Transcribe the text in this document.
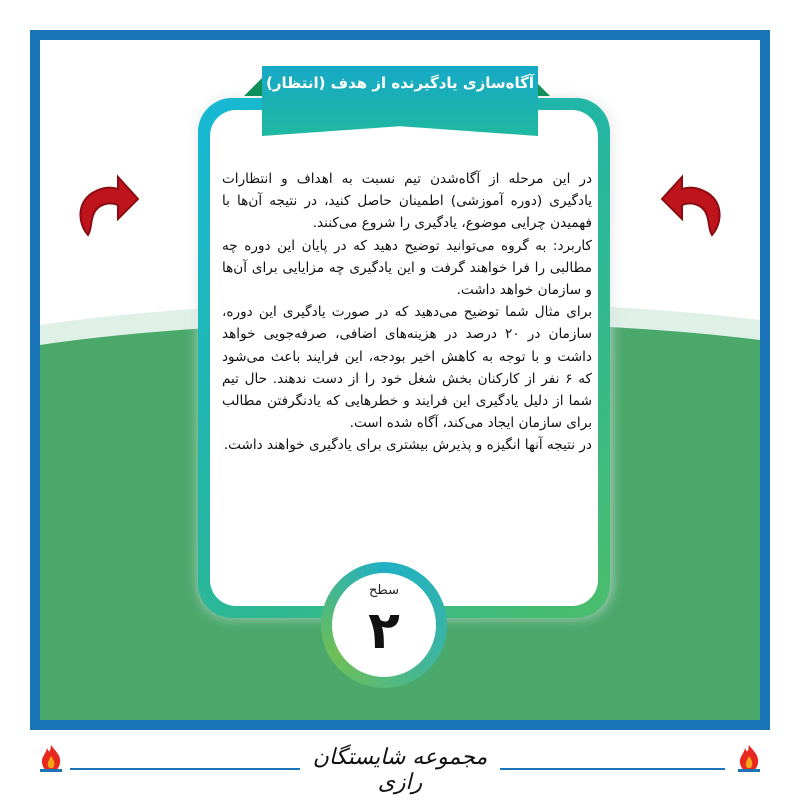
آگاه‌سازی یادگیرنده از هدف (انتظار)

در این مرحله از آگاه‌شدن تیم نسبت به اهداف و انتظارات یادگیری (دوره آموزشی) اطمینان حاصل کنید، در نتیجه آن‌ها با فهمیدن چرایی موضوع، یادگیری را شروع می‌کنند.

کاربرد: به گروه می‌توانید توضیح دهید که در پایان این دوره چه مطالبی را فرا خواهند گرفت و این یادگیری چه مزایایی برای آن‌ها و سازمان خواهد داشت.

برای مثال شما توضیح می‌دهید که در صورت یادگیری این دوره، سازمان در ۲۰ درصد در هزینه‌های اضافی، صرفه‌جویی خواهد داشت و با توجه به کاهش اخیر بودجه، این فرایند باعث می‌شود که ۶ نفر از کارکنان بخش شغل خود را از دست ندهند. حال تیم شما از دلیل یادگیری این فرایند و خطرهایی که یادنگرفتن مطالب برای سازمان ایجاد می‌کند، آگاه شده است.

در نتیجه آنها انگیزه و پذیرش بیشتری برای یادگیری خواهند داشت.

سطح
۲
مجموعه شایستگان رازی
